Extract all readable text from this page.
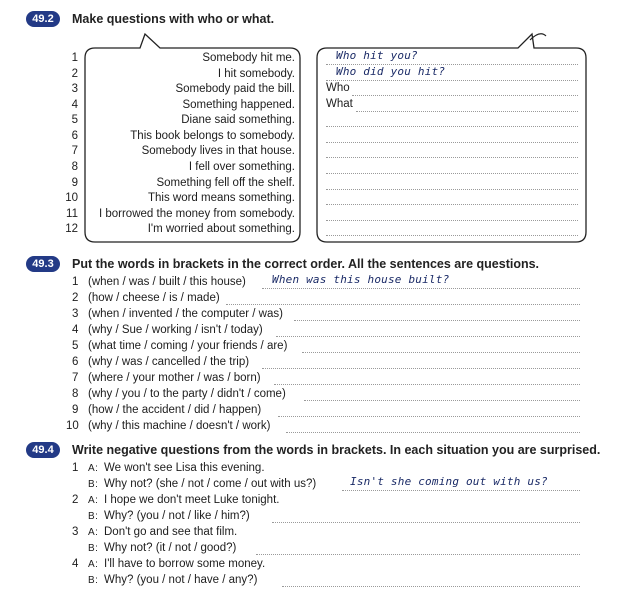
49.2	Make questions with who or what.
1	Somebody hit me.	Who hit you?
2	I hit somebody.	Who did you hit?
3	Somebody paid the bill.	Who
4	Something happened.	What
5	Diane said something.
6	This book belongs to somebody.
7	Somebody lives in that house.
8	I fell over something.
9	Something fell off the shelf.
10	This word means something.
11 I borrowed the money from somebody.
12	I'm worried about something.
49.3	Put the words in brackets in the correct order. All the sentences are questions.
1 (when / was / built / this house) When was this house built?
2 (how / cheese / is / made)
3 (when / invented / the computer / was)
4 (why / Sue / working / isn't / today)
5 (what time / coming / your friends / are)
6 (why / was / cancelled / the trip)
7 (where / your mother / was / born)
8 (why / you / to the party / didn't / come)
9 (how / the accident / did / happen)
10 (why / this machine / doesn't / work)
49.4	Write negative questions from the words in brackets. In each situation you are surprised.
1 A: We won't see Lisa this evening.
B: Why not? (she / not / come / out with us?)	Isn't she coming out with us?
2 A: I hope we don't meet Luke tonight.
B: Why? (you / not / like / him?)
3 A: Don't go and see that film.
B: Why not? (it / not / good?)
4 A: I'll have to borrow some money.
B: Why? (you / not / have / any?)
